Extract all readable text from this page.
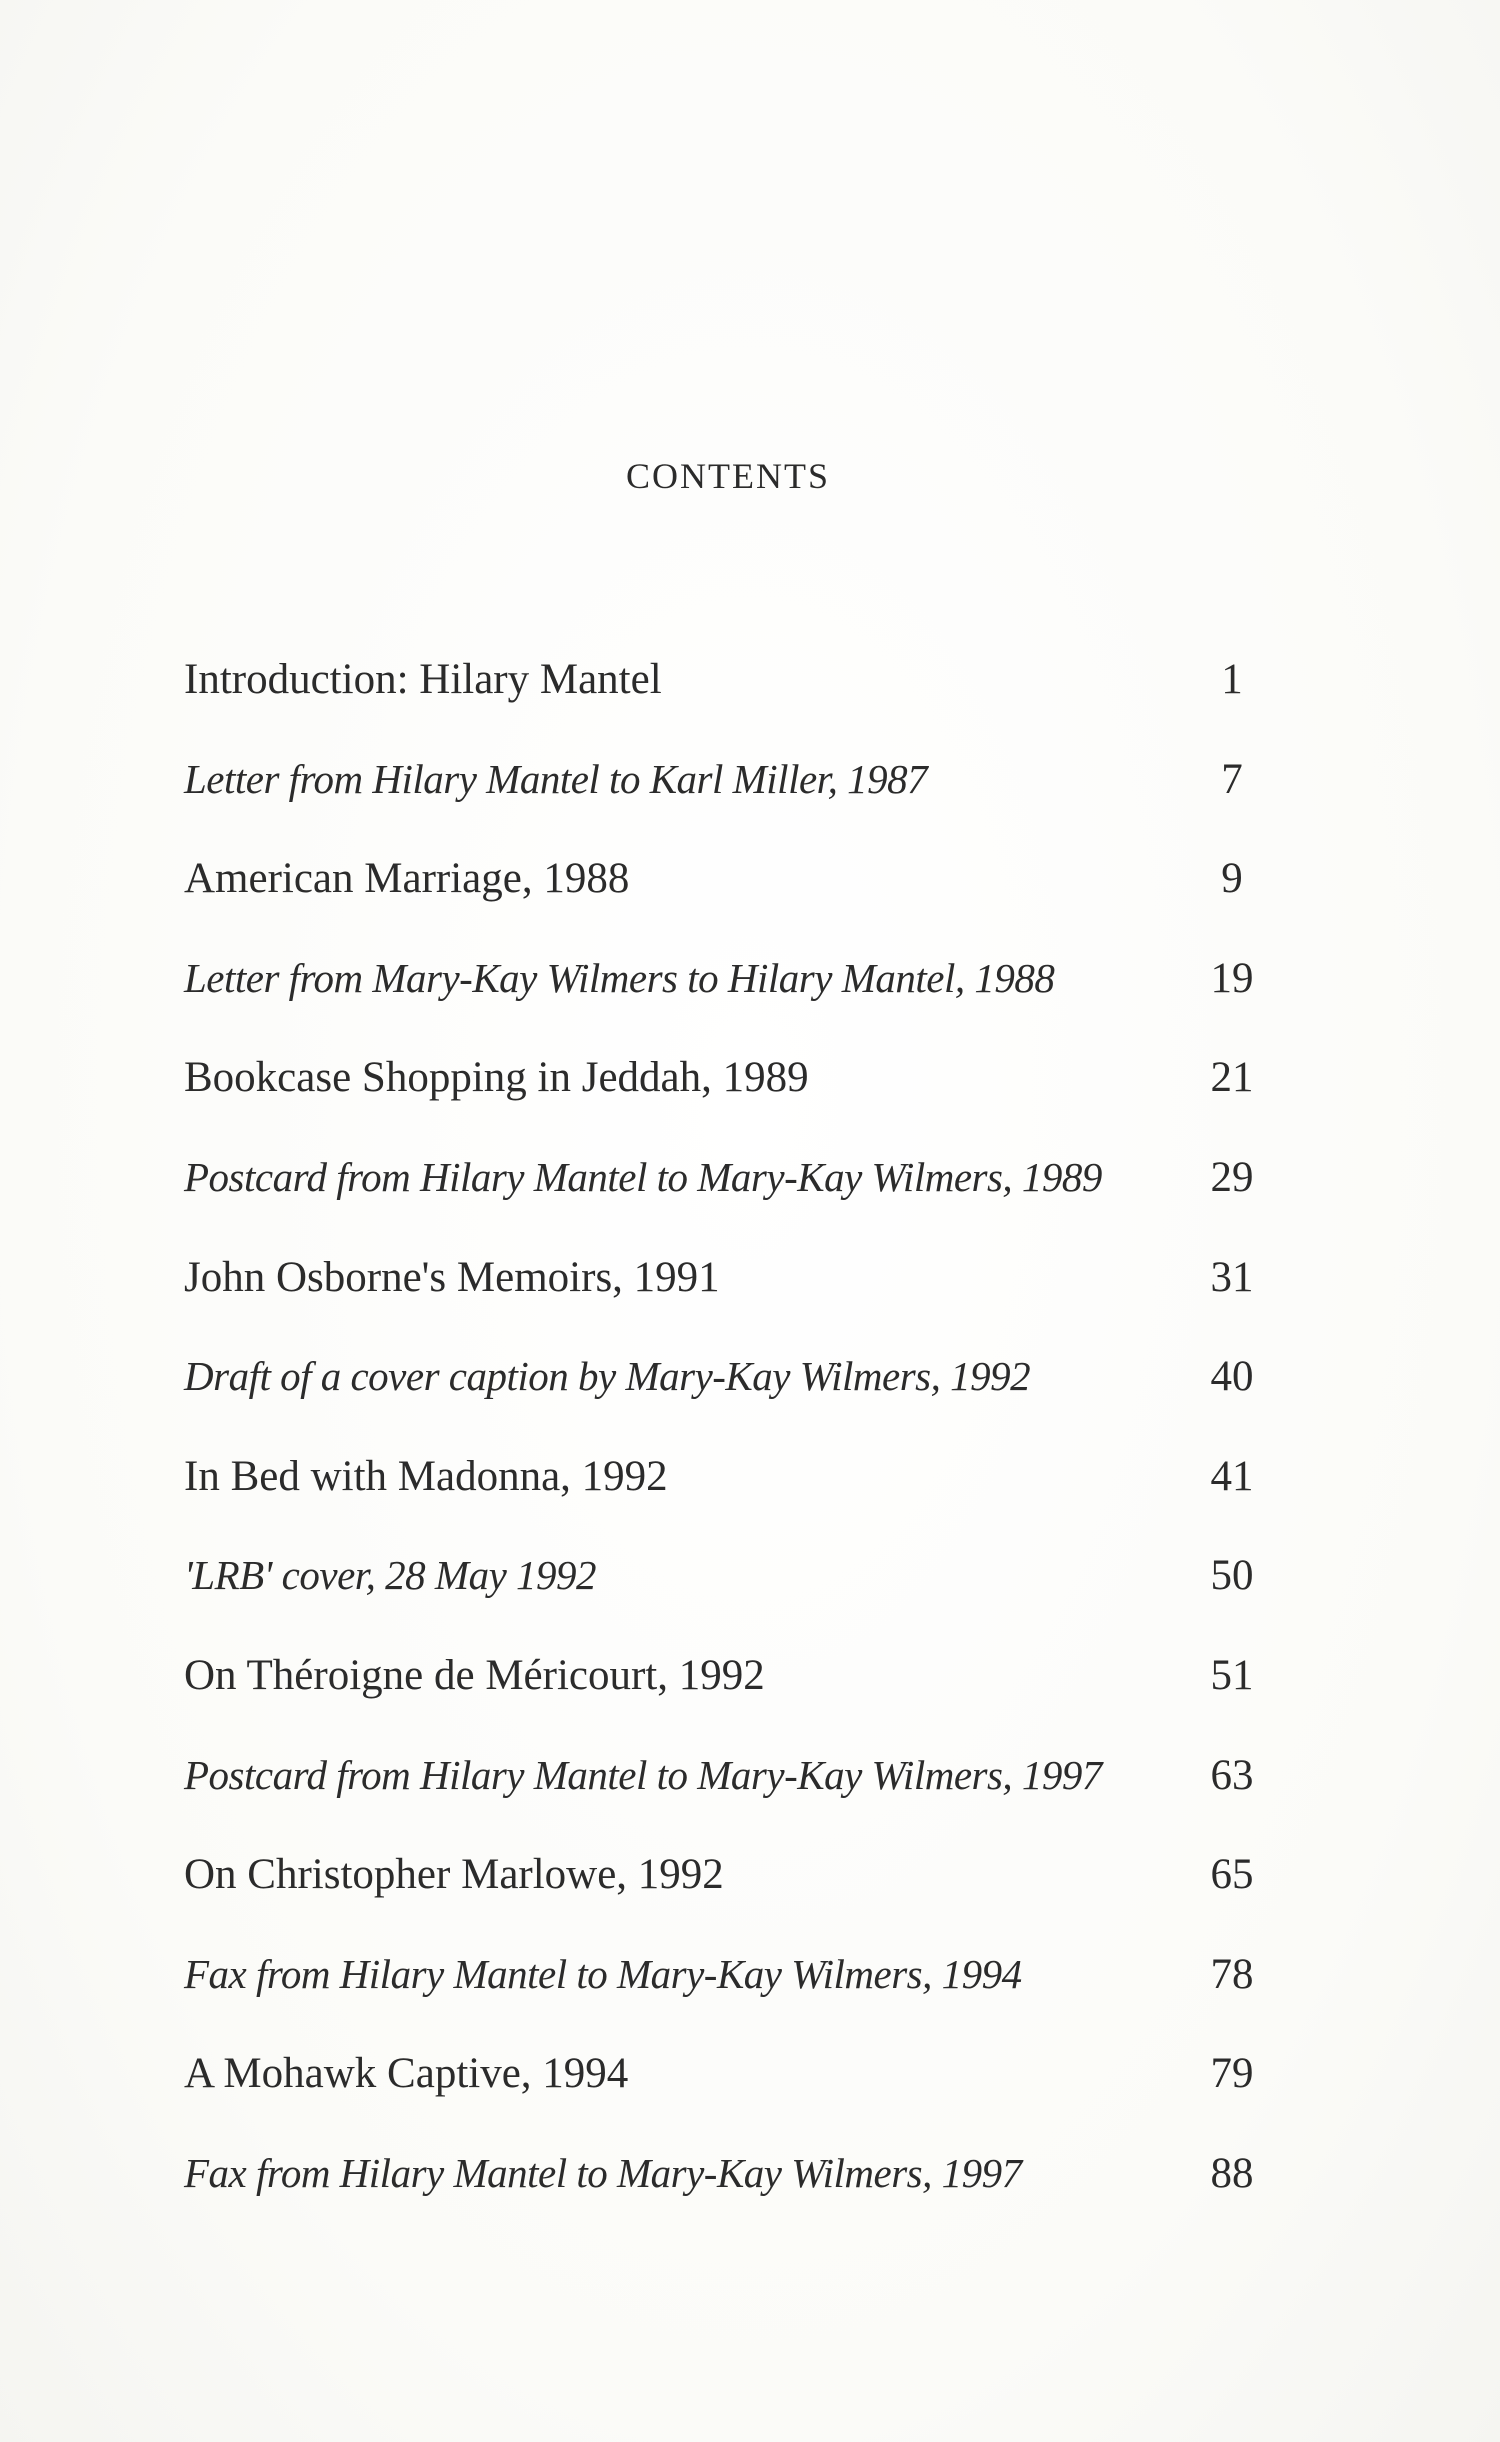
CONTENTS
Introduction: Hilary Mantel	1
Letter from Hilary Mantel to Karl Miller, 1987	7
American Marriage, 1988	9
Letter from Mary-Kay Wilmers to Hilary Mantel, 1988	19
Bookcase Shopping in Jeddah, 1989	21
Postcard from Hilary Mantel to Mary-Kay Wilmers, 1989	29
John Osborne's Memoirs, 1991	31
Draft of a cover caption by Mary-Kay Wilmers, 1992	40
In Bed with Madonna, 1992	41
'LRB' cover, 28 May 1992	50
On Théroigne de Méricourt, 1992	51
Postcard from Hilary Mantel to Mary-Kay Wilmers, 1997	63
On Christopher Marlowe, 1992	65
Fax from Hilary Mantel to Mary-Kay Wilmers, 1994	78
A Mohawk Captive, 1994	79
Fax from Hilary Mantel to Mary-Kay Wilmers, 1997	88
